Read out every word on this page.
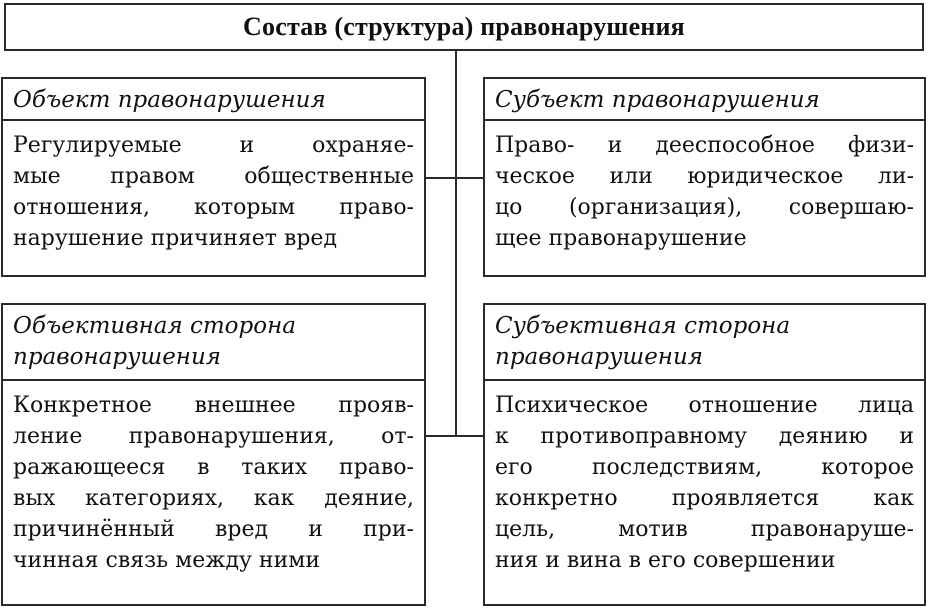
Состав (структура) правонарушения
Объект правонарушения
Регулируемые и охраняе-
мые правом общественные
отношения, которым право-
нарушение причиняет вред
Субъект правонарушения
Право- и дееспособное физи-
ческое или юридическое ли-
цо (организация), совершаю-
щее правонарушение
Объективная сторона
правонарушения
Конкретное внешнее прояв-
ление правонарушения, от-
ражающееся в таких право-
вых категориях, как деяние,
причинённый вред и при-
чинная связь между ними
Субъективная сторона
правонарушения
Психическое отношение лица
к противоправному деянию и
его последствиям, которое
конкретно проявляется как
цель, мотив правонаруше-
ния и вина в его совершении
